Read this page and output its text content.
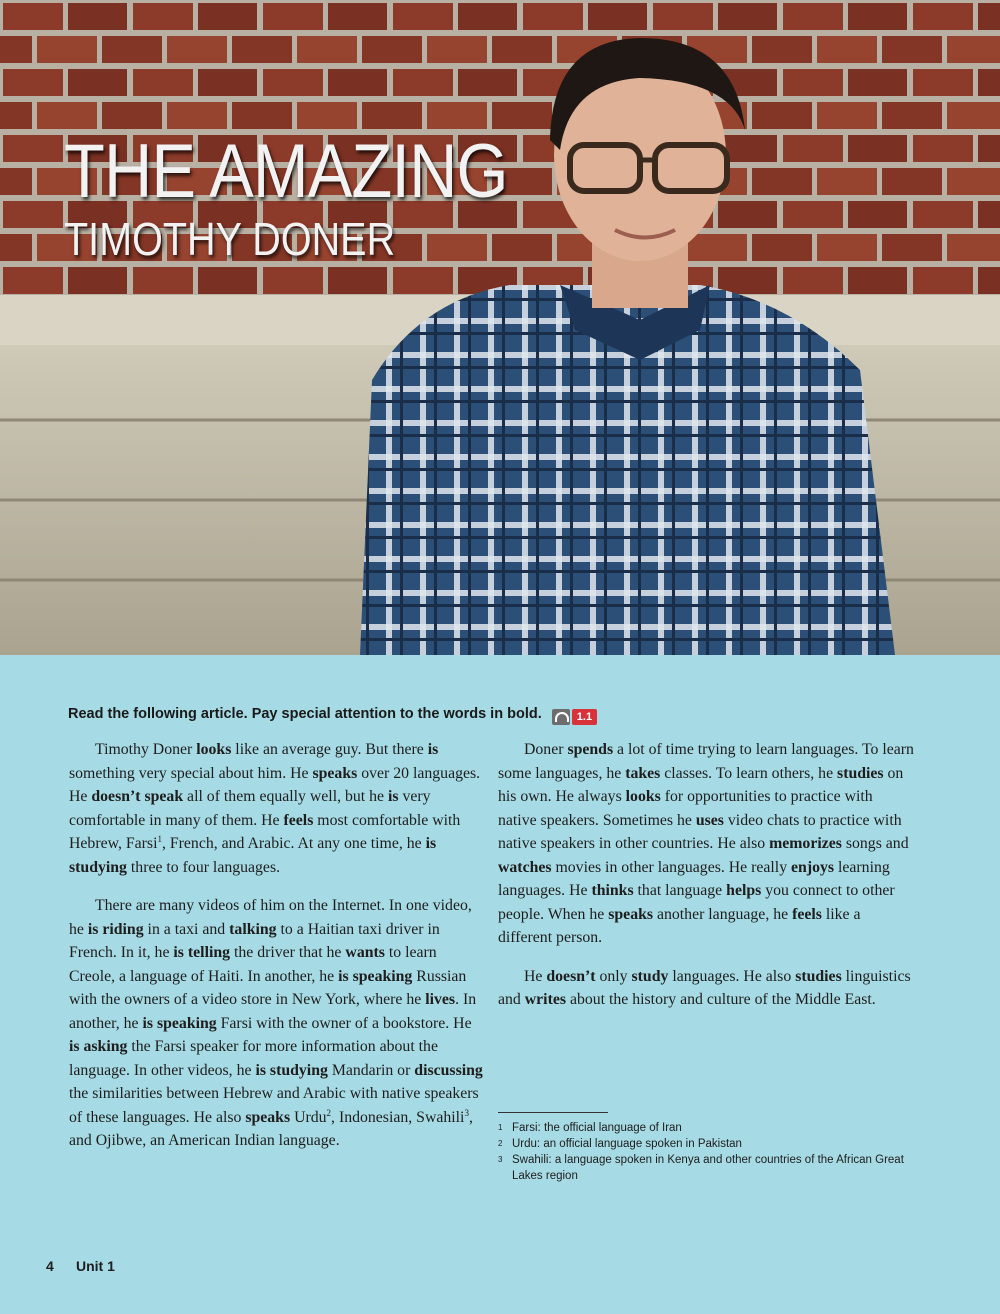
THE AMAZING
TIMOTHY DONER
Read the following article. Pay special attention to the words in bold.	1.1

Timothy Doner looks like an average guy. But there is something very special about him. He speaks over 20 languages. He doesn’t speak all of them equally well, but he is very comfortable in many of them. He feels most comfortable with Hebrew, Farsi$^1$, French, and Arabic. At any one time, he is studying three to four languages.

There are many videos of him on the Internet. In one video, he is riding in a taxi and talking to a Haitian taxi driver in French. In it, he is telling the driver that he wants to learn Creole, a language of Haiti. In another, he is speaking Russian with the owners of a video store in New York, where he lives. In another, he is speaking Farsi with the owner of a bookstore. He is asking the Farsi speaker for more information about the language. In other videos, he is studying Mandarin or discussing the similarities between Hebrew and Arabic with native speakers of these languages. He also speaks Urdu$^2$, Indonesian, Swahili$^3$, and Ojibwe, an American Indian language.

Doner spends a lot of time trying to learn languages. To learn some languages, he takes classes. To learn others, he studies on his own. He always looks for opportunities to practice with native speakers. Sometimes he uses video chats to practice with native speakers in other countries. He also memorizes songs and watches movies in other languages. He really enjoys learning languages. He thinks that language helps you connect to other people. When he speaks another language, he feels like a different person.

He doesn’t only study languages. He also studies linguistics and writes about the history and culture of the Middle East.

1 Farsi: the official language of Iran
2 Urdu: an official language spoken in Pakistan
3 Swahili: a language spoken in Kenya and other countries of the African Great Lakes region
4 Unit 1
